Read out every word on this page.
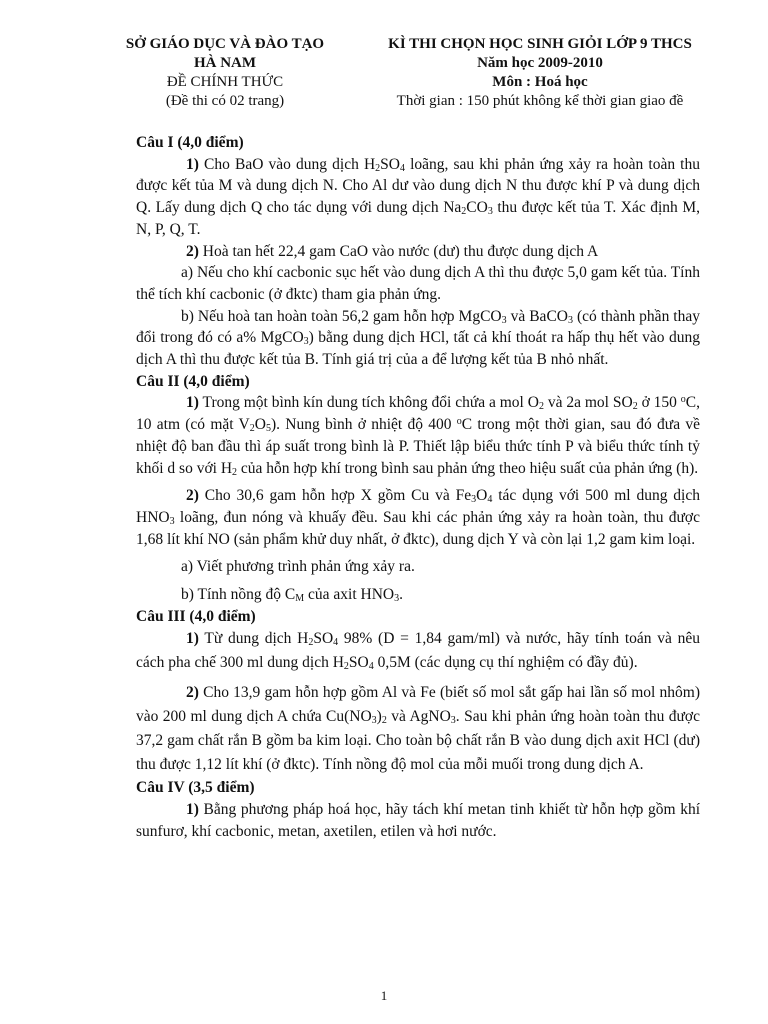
SỞ GIÁO DỤC VÀ ĐÀO TẠO
HÀ NAM
ĐỀ CHÍNH THỨC
(Đề thi có 02 trang)
KÌ THI CHỌN HỌC SINH GIỎI LỚP 9 THCS
Năm học 2009-2010
Môn : Hoá học
Thời gian : 150 phút không kể thời gian giao đề

Câu I (4,0 điểm)

1) Cho BaO vào dung dịch $H_2SO_4$ loãng, sau khi phản ứng xảy ra hoàn toàn thu được kết tủa M và dung dịch N. Cho Al dư vào dung dịch N thu được khí P và dung dịch Q. Lấy dung dịch Q cho tác dụng với dung dịch $Na_2CO_3$ thu được kết tủa T. Xác định M, N, P, Q, T.

2) Hoà tan hết 22,4 gam CaO vào nước (dư) thu được dung dịch A

a) Nếu cho khí cacbonic sục hết vào dung dịch A thì thu được 5,0 gam kết tủa. Tính thể tích khí cacbonic (ở đktc) tham gia phản ứng.

b) Nếu hoà tan hoàn toàn 56,2 gam hỗn hợp MgCO$_3$ và BaCO$_3$ (có thành phần thay đổi trong đó có a% MgCO$_3$) bằng dung dịch HCl, tất cả khí thoát ra hấp thụ hết vào dung dịch A thì thu được kết tủa B. Tính giá trị của a để lượng kết tủa B nhỏ nhất.

Câu II (4,0 điểm)

1) Trong một bình kín dung tích không đổi chứa a mol $O_2$ và 2a mol $SO_2$ ở 150 $^o$C, 10 atm (có mặt $V_2O_5$). Nung bình ở nhiệt độ 400 $^o$C trong một thời gian, sau đó đưa về nhiệt độ ban đầu thì áp suất trong bình là P. Thiết lập biểu thức tính P và biểu thức tính tỷ khối d so với $H_2$ của hỗn hợp khí trong bình sau phản ứng theo hiệu suất của phản ứng (h).

2) Cho 30,6 gam hỗn hợp X gồm Cu và $Fe_3O_4$ tác dụng với 500 ml dung dịch $HNO_3$ loãng, đun nóng và khuấy đều. Sau khi các phản ứng xảy ra hoàn toàn, thu được 1,68 lít khí NO (sản phẩm khử duy nhất, ở đktc), dung dịch Y và còn lại 1,2 gam kim loại.

a) Viết phương trình phản ứng xảy ra.

b) Tính nồng độ $C_M$ của axit $HNO_3$.

Câu III (4,0 điểm)

1) Từ dung dịch $H_2SO_4$ 98% (D = 1,84 gam/ml) và nước, hãy tính toán và nêu cách pha chế 300 ml dung dịch $H_2SO_4$ 0,5M (các dụng cụ thí nghiệm có đầy đủ).

2) Cho 13,9 gam hỗn hợp gồm Al và Fe (biết số mol sắt gấp hai lần số mol nhôm) vào 200 ml dung dịch A chứa $Cu(NO_3)_2$ và AgNO$_3$. Sau khi phản ứng hoàn toàn thu được 37,2 gam chất rắn B gồm ba kim loại. Cho toàn bộ chất rắn B vào dung dịch axit HCl (dư) thu được 1,12 lít khí (ở đktc). Tính nồng độ mol của mỗi muối trong dung dịch A.

Câu IV (3,5 điểm)

1) Bằng phương pháp hoá học, hãy tách khí metan tinh khiết từ hỗn hợp gồm khí sunfurơ, khí cacbonic, metan, axetilen, etilen và hơi nước.

1
